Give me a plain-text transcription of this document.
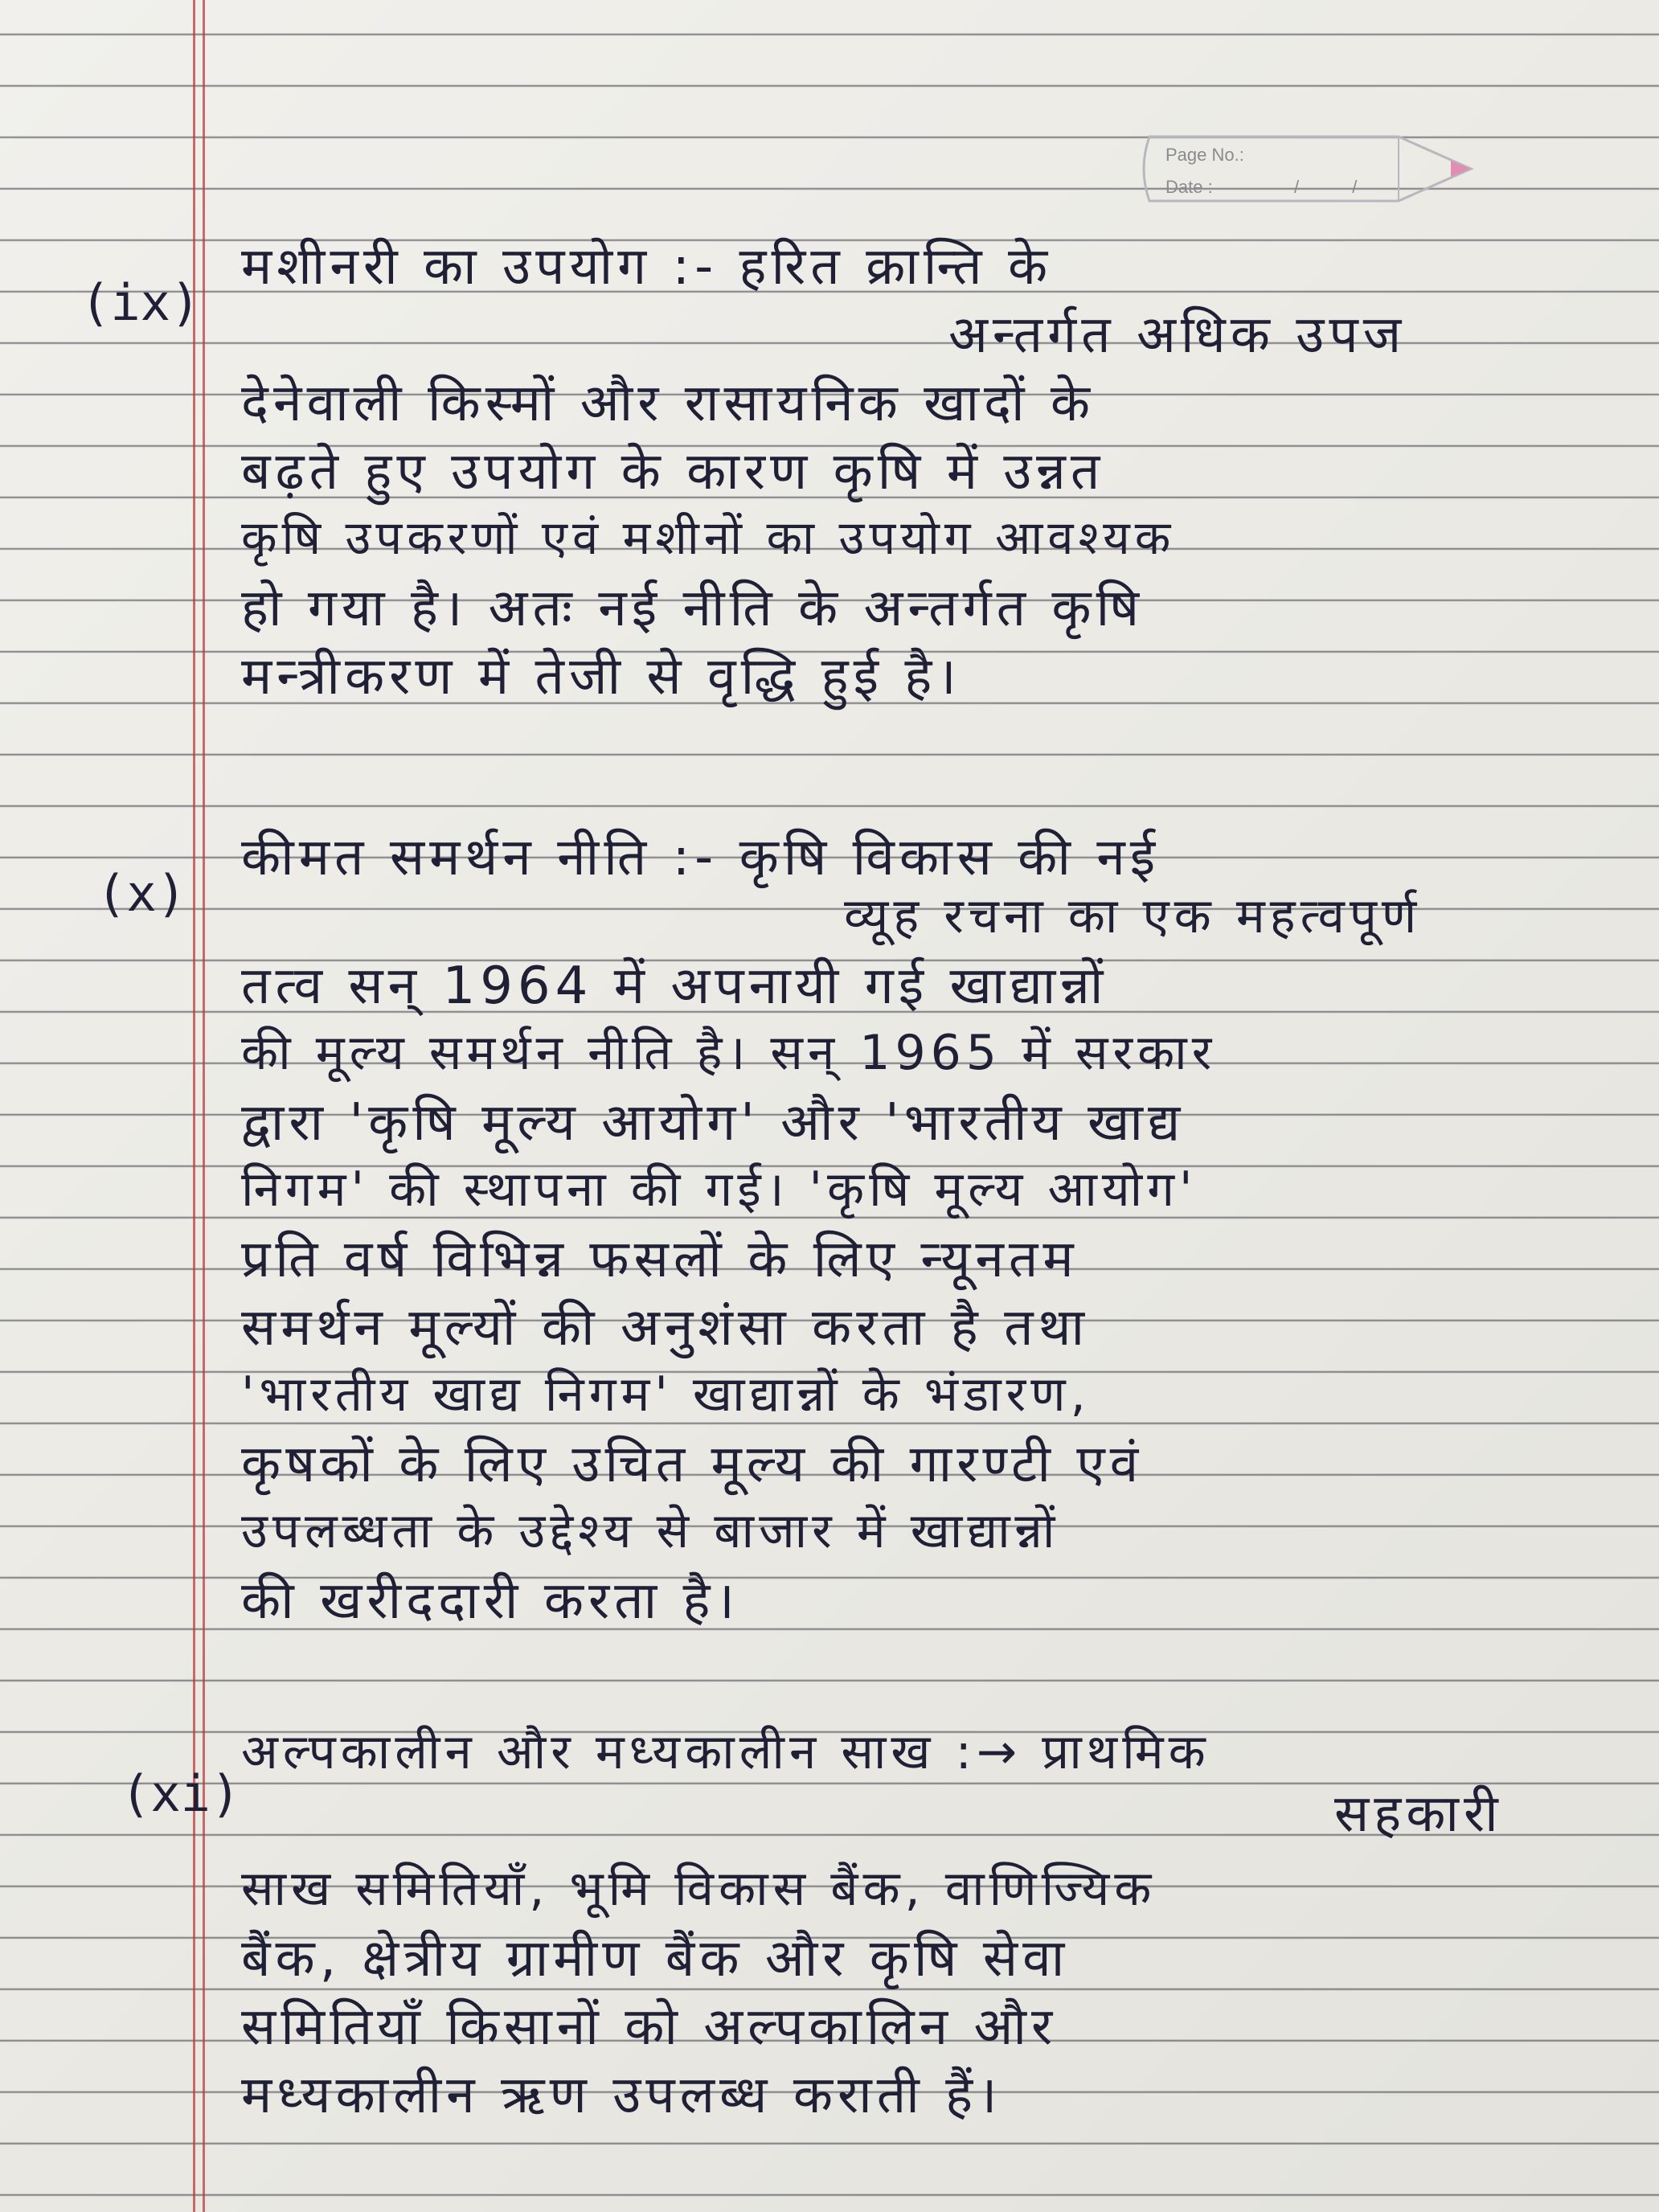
Page No.:
Date :	/ /
(ix)
मशीनरी का उपयोग :- हरित क्रान्ति के
अन्तर्गत अधिक उपज
देनेवाली किस्मों और रासायनिक खादों के
बढ़ते हुए उपयोग के कारण कृषि में उन्नत
कृषि उपकरणों एवं मशीनों का उपयोग आवश्यक
हो गया है। अतः नई नीति के अन्तर्गत कृषि
मन्त्रीकरण में तेजी से वृद्धि हुई है।
(x)
कीमत समर्थन नीति :- कृषि विकास की नई
व्यूह रचना का एक महत्वपूर्ण
तत्व सन् 1964 में अपनायी गई खाद्यान्नों
की मूल्य समर्थन नीति है। सन् 1965 में सरकार
द्वारा 'कृषि मूल्य आयोग' और 'भारतीय खाद्य
निगम' की स्थापना की गई। 'कृषि मूल्य आयोग'
प्रति वर्ष विभिन्न फसलों के लिए न्यूनतम
समर्थन मूल्यों की अनुशंसा करता है तथा
'भारतीय खाद्य निगम' खाद्यान्नों के भंडारण,
कृषकों के लिए उचित मूल्य की गारण्टी एवं
उपलब्धता के उद्देश्य से बाजार में खाद्यान्नों
की खरीददारी करता है।
(xi)
अल्पकालीन और मध्यकालीन साख :→ प्राथमिक
सहकारी
साख समितियाँ, भूमि विकास बैंक, वाणिज्यिक
बैंक, क्षेत्रीय ग्रामीण बैंक और कृषि सेवा
समितियाँ किसानों को अल्पकालिन और
मध्यकालीन ऋण उपलब्ध कराती हैं।
